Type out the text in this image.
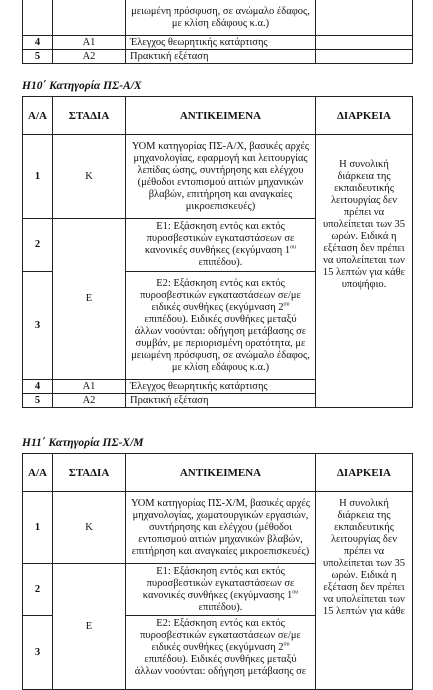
		μειωμένη πρόσφυση, σε ανώμαλο έδαφος, με κλίση εδάφους κ.α.)	
4	A1	Έλεγχος θεωρητικής κατάρτισης	
5	A2	Πρακτική εξέταση	
Η10΄ Κατηγορία ΠΣ-Α/Χ
Α/Α	ΣΤΑΔΙΑ	ΑΝΤΙΚΕΙΜΕΝΑ	ΔΙΑΡΚΕΙΑ
1	Κ	ΥΟΜ κατηγορίας ΠΣ-Α/Χ, βασικές αρχές μηχανολογίας, εφαρμογή και λειτουργίας λεπίδας ώσης, συντήρησης και ελέγχου (μέθοδοι εντοπισμού αιτιών μηχανικών βλαβών, επιτήρηση και αναγκαίες μικροεπισκευές)	Η συνολική διάρκεια της εκπαιδευτικής λειτουργίας δεν πρέπει να υπολείπεται των 35 ωρών. Ειδικά η εξέταση δεν πρέπει να υπολείπεται των 15 λεπτών για κάθε υποψήφιο.
2	Ε	Ε1: Εξάσκηση εντός και εκτός πυροσβεστικών εγκαταστάσεων σε κανονικές συνθήκες (εκγύμναση $1^{o\upsilon}$ επιπέδου).	
3		Ε2: Εξάσκηση εντός και εκτός πυροσβεστικών εγκαταστάσεων σε/με ειδικές συνθήκες (εκγύμναση $2^{o\upsilon}$ επιπέδου). Ειδικές συνθήκες μεταξύ άλλων νοούνται: οδήγηση μετάβασης σε συμβάν, με περιορισμένη ορατότητα, με μειωμένη πρόσφυση, σε ανώμαλο έδαφος, με κλίση εδάφους κ.α.)	
4	A1	Έλεγχος θεωρητικής κατάρτισης	
5	A2	Πρακτική εξέταση	
Η11΄ Κατηγορία ΠΣ-Χ/Μ
Α/Α	ΣΤΑΔΙΑ	ΑΝΤΙΚΕΙΜΕΝΑ	ΔΙΑΡΚΕΙΑ
1	Κ	ΥΟΜ κατηγορίας ΠΣ-Χ/Μ, βασικές αρχές μηχανολογίας, χωματουργικών εργασιών, συντήρησης και ελέγχου (μέθοδοι εντοπισμού αιτιών μηχανικών βλαβών, επιτήρηση και αναγκαίες μικροεπισκευές)	Η συνολική διάρκεια της εκπαιδευτικής λειτουργίας δεν πρέπει να υπολείπεται των 35 ωρών. Ειδικά η εξέταση δεν πρέπει να υπολείπεται των 15 λεπτών για κάθε
2	Ε	Ε1: Εξάσκηση εντός και εκτός πυροσβεστικών εγκαταστάσεων σε κανονικές συνθήκες (εκγύμνασης $1^{o\upsilon}$ επιπέδου).	
3		Ε2: Εξάσκηση εντός και εκτός πυροσβεστικών εγκαταστάσεων σε/με ειδικές συνθήκες (εκγύμναση $2^{o\upsilon}$ επιπέδου). Ειδικές συνθήκες μεταξύ άλλων νοούνται: οδήγηση μετάβασης σε	
